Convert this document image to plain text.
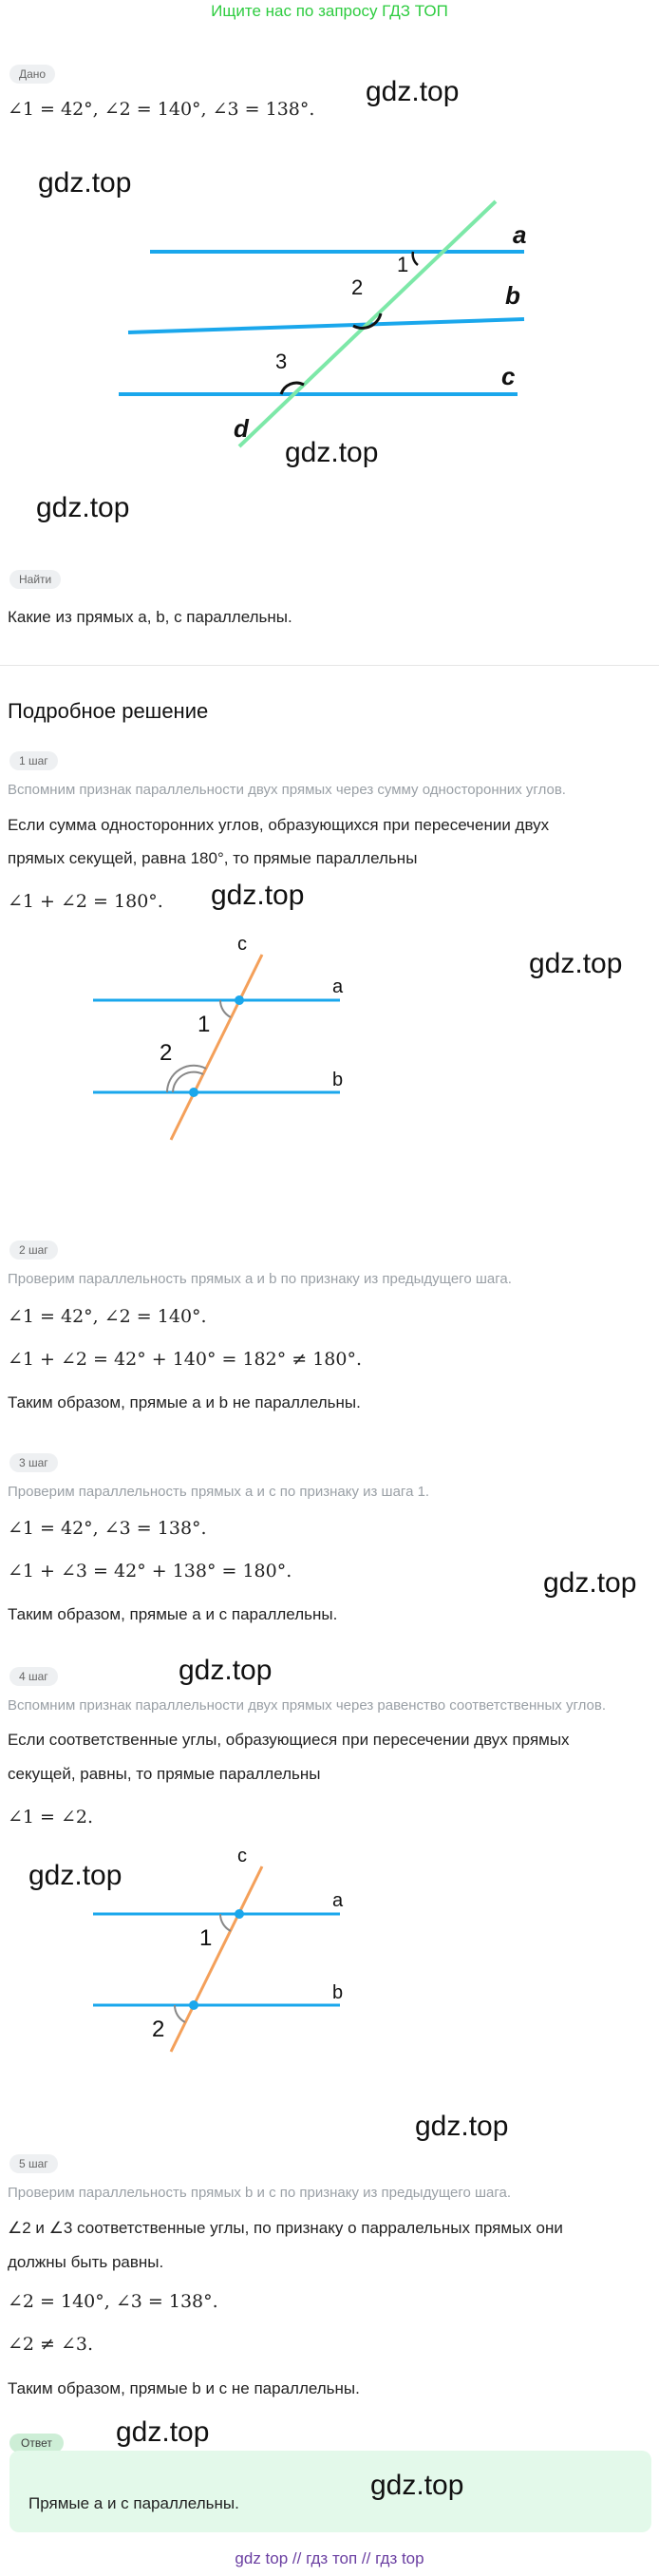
Ищите нас по запросу ГДЗ ТОП
Дано
∠1 = 42°, ∠2 = 140°, ∠3 = 138°.
a
b
c
d
1
2
3
Найти
Какие из прямых a, b, c параллельны.
Подробное решение
1 шаг
Вспомним признак параллельности двух прямых через сумму односторонних углов.
Если сумма односторонних углов, образующихся при пересечении двух
прямых секущей, равна 180°, то прямые параллельны
∠1 + ∠2 = 180°.
c
a
b
1
2
2 шаг
Проверим параллельность прямых a и b по признаку из предыдущего шага.
∠1 = 42°, ∠2 = 140°.
∠1 + ∠2 = 42° + 140° = 182° ≠ 180°.
Таким образом, прямые a и b не параллельны.
3 шаг
Проверим параллельность прямых a и c по признаку из шага 1.
∠1 = 42°, ∠3 = 138°.
∠1 + ∠3 = 42° + 138° = 180°.
Таким образом, прямые a и c параллельны.
4 шаг
Вспомним признак параллельности двух прямых через равенство соответственных углов.
Если соответственные углы, образующиеся при пересечении двух прямых
секущей, равны, то прямые параллельны
∠1 = ∠2.
c
a
b
1
2
5 шаг
Проверим параллельность прямых b и c по признаку из предыдущего шага.
∠2 и ∠3 соответственные углы, по признаку о парралельных прямых они
должны быть равны.
∠2 = 140°, ∠3 = 138°.
∠2 ≠ ∠3.
Таким образом, прямые b и c не параллельны.
Ответ
Прямые a и c параллельны.
gdz.top
gdz.top
gdz.top
gdz.top
gdz.top
gdz.top
gdz.top
gdz.top
gdz.top
gdz.top
gdz.top
gdz.top
gdz top // гдз топ // гдз top
